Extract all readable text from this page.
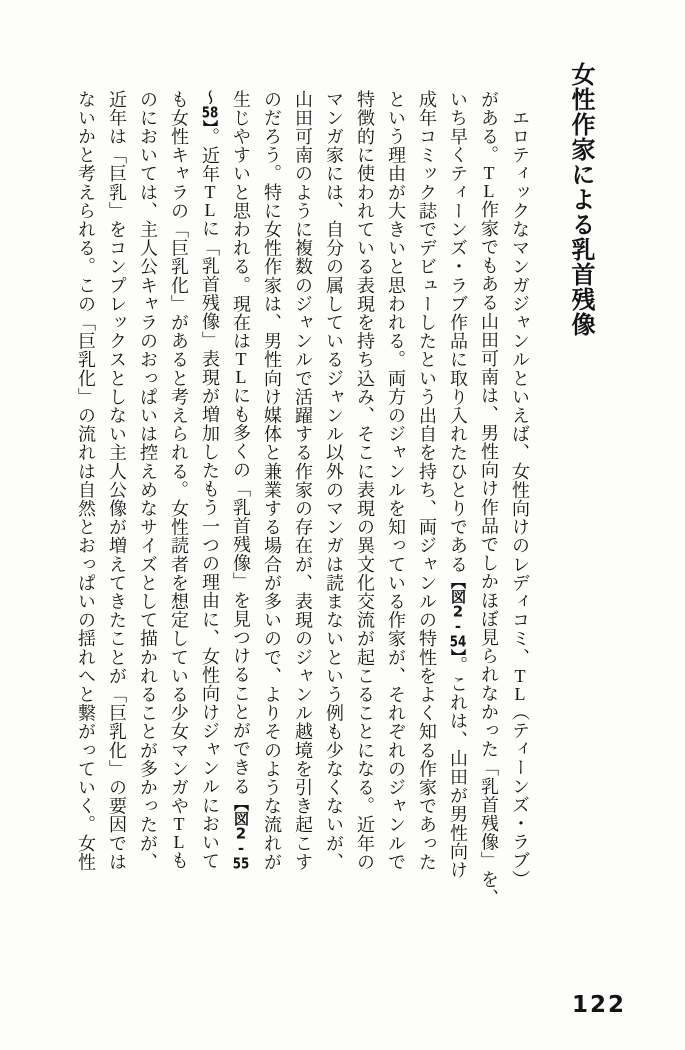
女性作家による乳首残像

　エロティックなマンガジャンルといえば、女性向けのレディコミ、TL（ティーンズ・ラブ）

がある。TL作家でもある山田可南は、男性向け作品でしかほぼ見られなかった「乳首残像」を、

いち早くティーンズ・ラブ作品に取り入れたひとりである【図2-54】。これは、山田が男性向け

成年コミック誌でデビューしたという出自を持ち、両ジャンルの特性をよく知る作家であった

という理由が大きいと思われる。両方のジャンルを知っている作家が、それぞれのジャンルで

特徴的に使われている表現を持ち込み、そこに表現の異文化交流が起こることになる。近年の

マンガ家には、自分の属しているジャンル以外のマンガは読まないという例も少なくないが、

山田可南のように複数のジャンルで活躍する作家の存在が、表現のジャンル越境を引き起こす

のだろう。特に女性作家は、男性向け媒体と兼業する場合が多いので、よりそのような流れが

生じやすいと思われる。現在はTLにも多くの「乳首残像」を見つけることができる【図2-55

〜58】。近年TLに「乳首残像」表現が増加したもう一つの理由に、女性向けジャンルにおいて

も女性キャラの「巨乳化」があると考えられる。女性読者を想定している少女マンガやTLも

のにおいては、主人公キャラのおっぱいは控えめなサイズとして描かれることが多かったが、

近年は「巨乳」をコンプレックスとしない主人公像が増えてきたことが「巨乳化」の要因では

ないかと考えられる。この「巨乳化」の流れは自然とおっぱいの揺れへと繋がっていく。女性

122
